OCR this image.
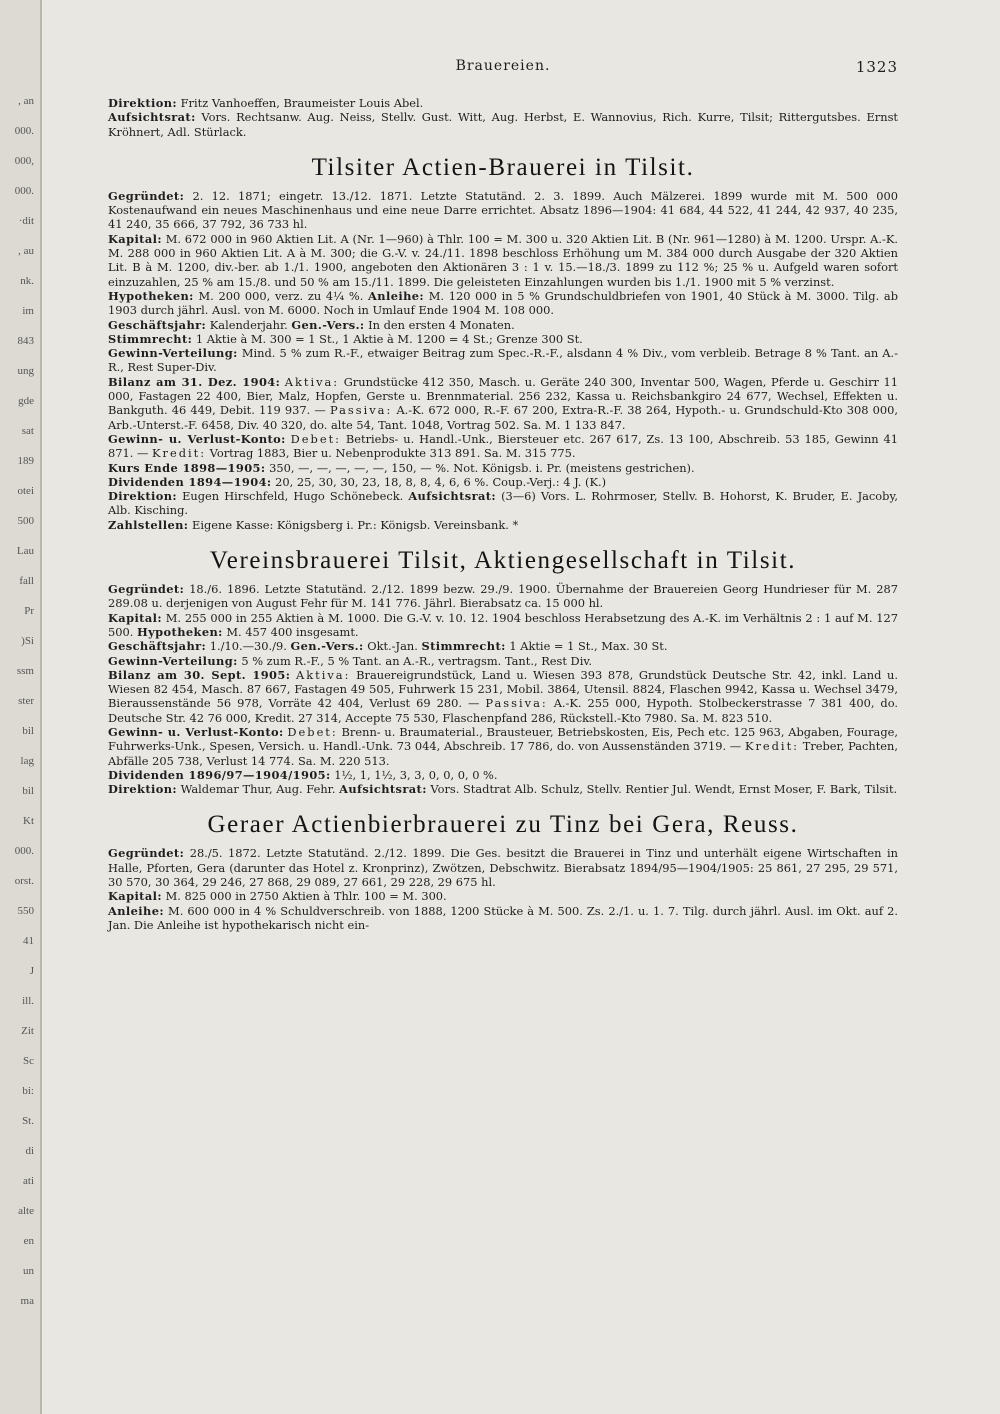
, an
000.
000,
000.
·dit
, au
nk.
im
843
ung
gde
sat
189
otei
500
Lau
fall
Pr
)Si
ssm
ster
bil
lag
bil
Kt
000.
orst.
550
41
J
ill.
Zit
Sc
bi:
St.
di
ati
alte
en
un
ma
Brauereien.	1323

Direktion: Fritz Vanhoeffen, Braumeister Louis Abel.

Aufsichtsrat: Vors. Rechtsanw. Aug. Neiss, Stellv. Gust. Witt, Aug. Herbst, E. Wannovius, Rich. Kurre, Tilsit; Rittergutsbes. Ernst Kröhnert, Adl. Stürlack.

Tilsiter Actien-Brauerei in Tilsit.

Gegründet: 2. 12. 1871; eingetr. 13./12. 1871. Letzte Statutänd. 2. 3. 1899. Auch Mälzerei. 1899 wurde mit M. 500 000 Kostenaufwand ein neues Maschinenhaus und eine neue Darre errichtet. Absatz 1896—1904: 41 684, 44 522, 41 244, 42 937, 40 235, 41 240, 35 666, 37 792, 36 733 hl.

Kapital: M. 672 000 in 960 Aktien Lit. A (Nr. 1—960) à Thlr. 100 = M. 300 u. 320 Aktien Lit. B (Nr. 961—1280) à M. 1200. Urspr. A.-K. M. 288 000 in 960 Aktien Lit. A à M. 300; die G.-V. v. 24./11. 1898 beschloss Erhöhung um M. 384 000 durch Ausgabe der 320 Aktien Lit. B à M. 1200, div.-ber. ab 1./1. 1900, angeboten den Aktionären 3 : 1 v. 15.—18./3. 1899 zu 112 %; 25 % u. Aufgeld waren sofort einzuzahlen, 25 % am 15./8. und 50 % am 15./11. 1899. Die geleisteten Einzahlungen wurden bis 1./1. 1900 mit 5 % verzinst.

Hypotheken: M. 200 000, verz. zu 4¼ %. Anleihe: M. 120 000 in 5 % Grundschuldbriefen von 1901, 40 Stück à M. 3000. Tilg. ab 1903 durch jährl. Ausl. von M. 6000. Noch in Umlauf Ende 1904 M. 108 000.

Geschäftsjahr: Kalenderjahr. Gen.-Vers.: In den ersten 4 Monaten.

Stimmrecht: 1 Aktie à M. 300 = 1 St., 1 Aktie à M. 1200 = 4 St.; Grenze 300 St.

Gewinn-Verteilung: Mind. 5 % zum R.-F., etwaiger Beitrag zum Spec.-R.-F., alsdann 4 % Div., vom verbleib. Betrage 8 % Tant. an A.-R., Rest Super-Div.

Bilanz am 31. Dez. 1904: Aktiva: Grundstücke 412 350, Masch. u. Geräte 240 300, Inventar 500, Wagen, Pferde u. Geschirr 11 000, Fastagen 22 400, Bier, Malz, Hopfen, Gerste u. Brennmaterial. 256 232, Kassa u. Reichsbankgiro 24 677, Wechsel, Effekten u. Bankguth. 46 449, Debit. 119 937. — Passiva: A.-K. 672 000, R.-F. 67 200, Extra-R.-F. 38 264, Hypoth.- u. Grundschuld-Kto 308 000, Arb.-Unterst.-F. 6458, Div. 40 320, do. alte 54, Tant. 1048, Vortrag 502. Sa. M. 1 133 847.

Gewinn- u. Verlust-Konto: Debet: Betriebs- u. Handl.-Unk., Biersteuer etc. 267 617, Zs. 13 100, Abschreib. 53 185, Gewinn 41 871. — Kredit: Vortrag 1883, Bier u. Nebenprodukte 313 891. Sa. M. 315 775.

Kurs Ende 1898—1905: 350, —, —, —, —, —, 150, — %. Not. Königsb. i. Pr. (meistens gestrichen).

Dividenden 1894—1904: 20, 25, 30, 30, 23, 18, 8, 8, 4, 6, 6 %. Coup.-Verj.: 4 J. (K.)

Direktion: Eugen Hirschfeld, Hugo Schönebeck. Aufsichtsrat: (3—6) Vors. L. Rohrmoser, Stellv. B. Hohorst, K. Bruder, E. Jacoby, Alb. Kisching.

Zahlstellen: Eigene Kasse: Königsberg i. Pr.: Königsb. Vereinsbank. *

Vereinsbrauerei Tilsit, Aktiengesellschaft in Tilsit.

Gegründet: 18./6. 1896. Letzte Statutänd. 2./12. 1899 bezw. 29./9. 1900. Übernahme der Brauereien Georg Hundrieser für M. 287 289.08 u. derjenigen von August Fehr für M. 141 776. Jährl. Bierabsatz ca. 15 000 hl.

Kapital: M. 255 000 in 255 Aktien à M. 1000. Die G.-V. v. 10. 12. 1904 beschloss Herabsetzung des A.-K. im Verhältnis 2 : 1 auf M. 127 500. Hypotheken: M. 457 400 insgesamt.

Geschäftsjahr: 1./10.—30./9. Gen.-Vers.: Okt.-Jan. Stimmrecht: 1 Aktie = 1 St., Max. 30 St.

Gewinn-Verteilung: 5 % zum R.-F., 5 % Tant. an A.-R., vertragsm. Tant., Rest Div.

Bilanz am 30. Sept. 1905: Aktiva: Brauereigrundstück, Land u. Wiesen 393 878, Grundstück Deutsche Str. 42, inkl. Land u. Wiesen 82 454, Masch. 87 667, Fastagen 49 505, Fuhrwerk 15 231, Mobil. 3864, Utensil. 8824, Flaschen 9942, Kassa u. Wechsel 3479, Bieraussenstände 56 978, Vorräte 42 404, Verlust 69 280. — Passiva: A.-K. 255 000, Hypoth. Stolbeckerstrasse 7 381 400, do. Deutsche Str. 42 76 000, Kredit. 27 314, Accepte 75 530, Flaschenpfand 286, Rückstell.-Kto 7980. Sa. M. 823 510.

Gewinn- u. Verlust-Konto: Debet: Brenn- u. Braumaterial., Brausteuer, Betriebskosten, Eis, Pech etc. 125 963, Abgaben, Fourage, Fuhrwerks-Unk., Spesen, Versich. u. Handl.-Unk. 73 044, Abschreib. 17 786, do. von Aussenständen 3719. — Kredit: Treber, Pachten, Abfälle 205 738, Verlust 14 774. Sa. M. 220 513.

Dividenden 1896/97—1904/1905: 1½, 1, 1½, 3, 3, 0, 0, 0, 0 %.

Direktion: Waldemar Thur, Aug. Fehr. Aufsichtsrat: Vors. Stadtrat Alb. Schulz, Stellv. Rentier Jul. Wendt, Ernst Moser, F. Bark, Tilsit.

Geraer Actienbierbrauerei zu Tinz bei Gera, Reuss.

Gegründet: 28./5. 1872. Letzte Statutänd. 2./12. 1899. Die Ges. besitzt die Brauerei in Tinz und unterhält eigene Wirtschaften in Halle, Pforten, Gera (darunter das Hotel z. Kronprinz), Zwötzen, Debschwitz. Bierabsatz 1894/95—1904/1905: 25 861, 27 295, 29 571, 30 570, 30 364, 29 246, 27 868, 29 089, 27 661, 29 228, 29 675 hl.

Kapital: M. 825 000 in 2750 Aktien à Thlr. 100 = M. 300.

Anleihe: M. 600 000 in 4 % Schuldverschreib. von 1888, 1200 Stücke à M. 500. Zs. 2./1. u. 1. 7. Tilg. durch jährl. Ausl. im Okt. auf 2. Jan. Die Anleihe ist hypothekarisch nicht ein-
